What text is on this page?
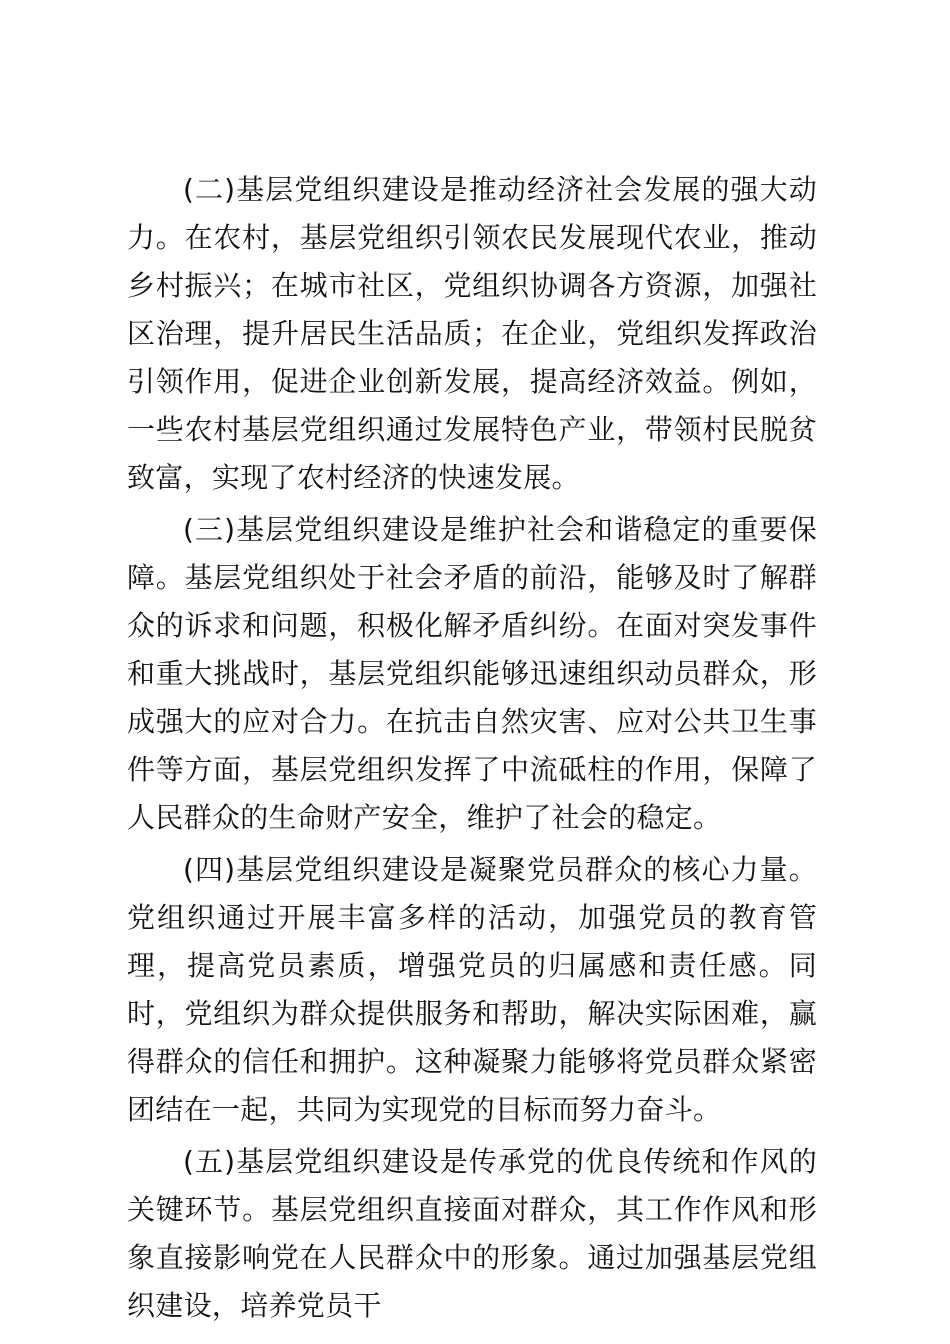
(二)基层党组织建设是推动经济社会发展的强大动力。在农村，基层党组织引领农民发展现代农业，推动乡村振兴；在城市社区，党组织协调各方资源，加强社区治理，提升居民生活品质；在企业，党组织发挥政治引领作用，促进企业创新发展，提高经济效益。例如，一些农村基层党组织通过发展特色产业，带领村民脱贫致富，实现了农村经济的快速发展。

(三)基层党组织建设是维护社会和谐稳定的重要保障。基层党组织处于社会矛盾的前沿，能够及时了解群众的诉求和问题，积极化解矛盾纠纷。在面对突发事件和重大挑战时，基层党组织能够迅速组织动员群众，形成强大的应对合力。在抗击自然灾害、应对公共卫生事件等方面，基层党组织发挥了中流砥柱的作用，保障了人民群众的生命财产安全，维护了社会的稳定。

(四)基层党组织建设是凝聚党员群众的核心力量。党组织通过开展丰富多样的活动，加强党员的教育管理，提高党员素质，增强党员的归属感和责任感。同时，党组织为群众提供服务和帮助，解决实际困难，赢得群众的信任和拥护。这种凝聚力能够将党员群众紧密团结在一起，共同为实现党的目标而努力奋斗。

(五)基层党组织建设是传承党的优良传统和作风的关键环节。基层党组织直接面对群众，其工作作风和形象直接影响党在人民群众中的形象。通过加强基层党组织建设，培养党员干
